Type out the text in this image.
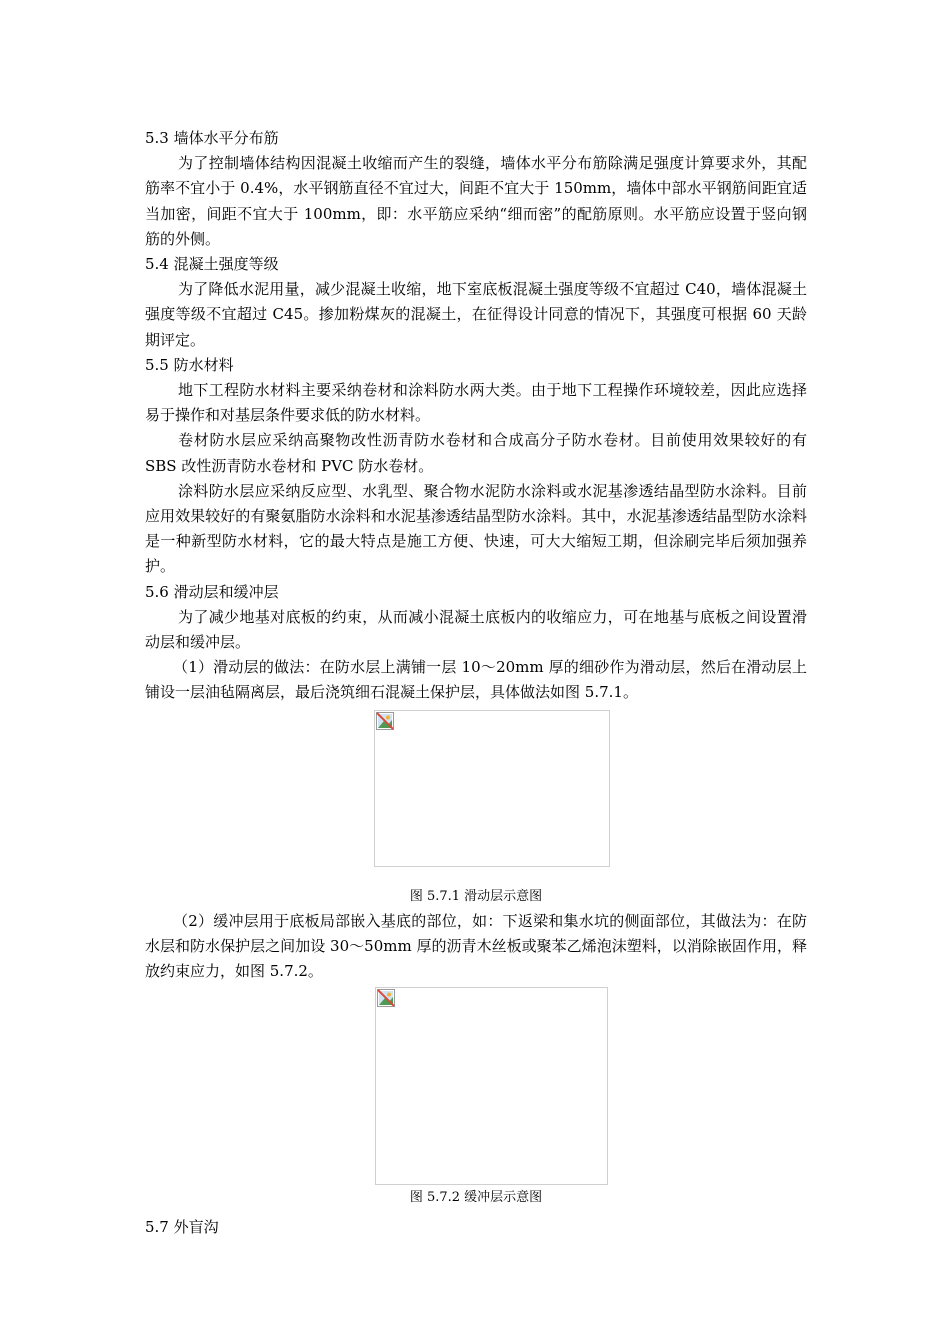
5.3 墙体水平分布筋

为了控制墙体结构因混凝土收缩而产生的裂缝，墙体水平分布筋除满足强度计算要求外，其配筋率不宜小于 0.4%，水平钢筋直径不宜过大，间距不宜大于 150mm，墙体中部水平钢筋间距宜适当加密，间距不宜大于 100mm，即：水平筋应采纳“细而密”的配筋原则。水平筋应设置于竖向钢筋的外侧。

5.4 混凝土强度等级

为了降低水泥用量，减少混凝土收缩，地下室底板混凝土强度等级不宜超过 C40，墙体混凝土强度等级不宜超过 C45。掺加粉煤灰的混凝土，在征得设计同意的情况下，其强度可根据 60 天龄期评定。

5.5 防水材料

地下工程防水材料主要采纳卷材和涂料防水两大类。由于地下工程操作环境较差，因此应选择易于操作和对基层条件要求低的防水材料。

卷材防水层应采纳高聚物改性沥青防水卷材和合成高分子防水卷材。目前使用效果较好的有 SBS 改性沥青防水卷材和 PVC 防水卷材。

涂料防水层应采纳反应型、水乳型、聚合物水泥防水涂料或水泥基渗透结晶型防水涂料。目前应用效果较好的有聚氨脂防水涂料和水泥基渗透结晶型防水涂料。其中，水泥基渗透结晶型防水涂料是一种新型防水材料，它的最大特点是施工方便、快速，可大大缩短工期，但涂刷完毕后须加强养护。

5.6 滑动层和缓冲层

为了减少地基对底板的约束，从而减小混凝土底板内的收缩应力，可在地基与底板之间设置滑动层和缓冲层。

（1）滑动层的做法：在防水层上满铺一层 10～20mm 厚的细砂作为滑动层，然后在滑动层上铺设一层油毡隔离层，最后浇筑细石混凝土保护层，具体做法如图 5.7.1。

图 5.7.1 滑动层示意图

（2）缓冲层用于底板局部嵌入基底的部位，如：下返梁和集水坑的侧面部位，其做法为：在防水层和防水保护层之间加设 30～50mm 厚的沥青木丝板或聚苯乙烯泡沫塑料，以消除嵌固作用，释放约束应力，如图 5.7.2。

图 5.7.2 缓冲层示意图

5.7 外盲沟
